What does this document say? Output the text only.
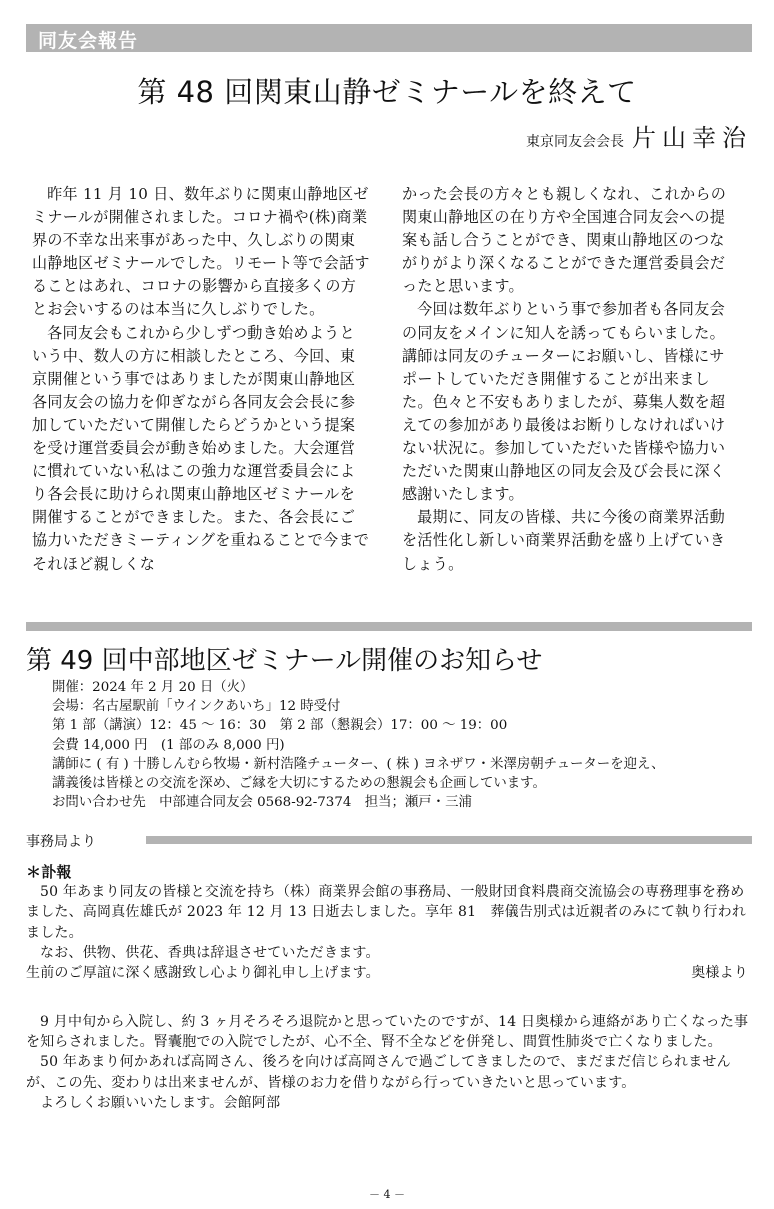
同友会報告
第 48 回関東山静ゼミナールを終えて
東京同友会会長 片山幸治

昨年 11 月 10 日、数年ぶりに関東山静地区ゼミナールが開催されました。コロナ禍や(株)商業界の不幸な出来事があった中、久しぶりの関東山静地区ゼミナールでした。リモート等で会話することはあれ、コロナの影響から直接多くの方とお会いするのは本当に久しぶりでした。

各同友会もこれから少しずつ動き始めようという中、数人の方に相談したところ、今回、東京開催という事ではありましたが関東山静地区各同友会の協力を仰ぎながら各同友会会長に参加していただいて開催したらどうかという提案を受け運営委員会が動き始めました。大会運営に慣れていない私はこの強力な運営委員会により各会長に助けられ関東山静地区ゼミナールを開催することができました。また、各会長にご協力いただきミーティングを重ねることで今までそれほど親しくな

かった会長の方々とも親しくなれ、これからの関東山静地区の在り方や全国連合同友会への提案も話し合うことができ、関東山静地区のつながりがより深くなることができた運営委員会だったと思います。

今回は数年ぶりという事で参加者も各同友会の同友をメインに知人を誘ってもらいました。講師は同友のチューターにお願いし、皆様にサポートしていただき開催することが出来ました。色々と不安もありましたが、募集人数を超えての参加があり最後はお断りしなければいけない状況に。参加していただいた皆様や協力いただいた関東山静地区の同友会及び会長に深く感謝いたします。

最期に、同友の皆様、共に今後の商業界活動を活性化し新しい商業界活動を盛り上げていきしょう。

第 49 回中部地区ゼミナール開催のお知らせ
開催：2024 年 2 月 20 日（火）
会場：名古屋駅前「ウインクあいち」12 時受付
第 1 部（講演）12：45 ～ 16：30　第 2 部（懇親会）17：00 ～ 19：00
会費 14,000 円　(1 部のみ 8,000 円)
講師に ( 有 ) 十勝しんむら牧場・新村浩隆チューター、( 株 ) ヨネザワ・米澤房朝チューターを迎え、
講義後は皆様との交流を深め、ご縁を大切にするための懇親会も企画しています。
お問い合わせ先　中部連合同友会 0568-92-7374　担当；瀬戸・三浦
事務局より

＊訃報

50 年あまり同友の皆様と交流を持ち（株）商業界会館の事務局、一般財団食料農商交流協会の専務理事を務めました、高岡真佐雄氏が 2023 年 12 月 13 日逝去しました。享年 81　葬儀告別式は近親者のみにて執り行われました。

なお、供物、供花、香典は辞退させていただきます。

生前のご厚誼に深く感謝致し心より御礼申し上げます。	奥様より

9 月中旬から入院し、約 3 ヶ月そろそろ退院かと思っていたのですが、14 日奥様から連絡があり亡くなった事を知らされました。腎囊胞での入院でしたが、心不全、腎不全などを併発し、間質性肺炎で亡くなりました。

50 年あまり何かあれば高岡さん、後ろを向けば高岡さんで過ごしてきましたので、まだまだ信じられませんが、この先、変わりは出来ませんが、皆様のお力を借りながら行っていきたいと思っています。

よろしくお願いいたします。会館阿部

－ 4 －
